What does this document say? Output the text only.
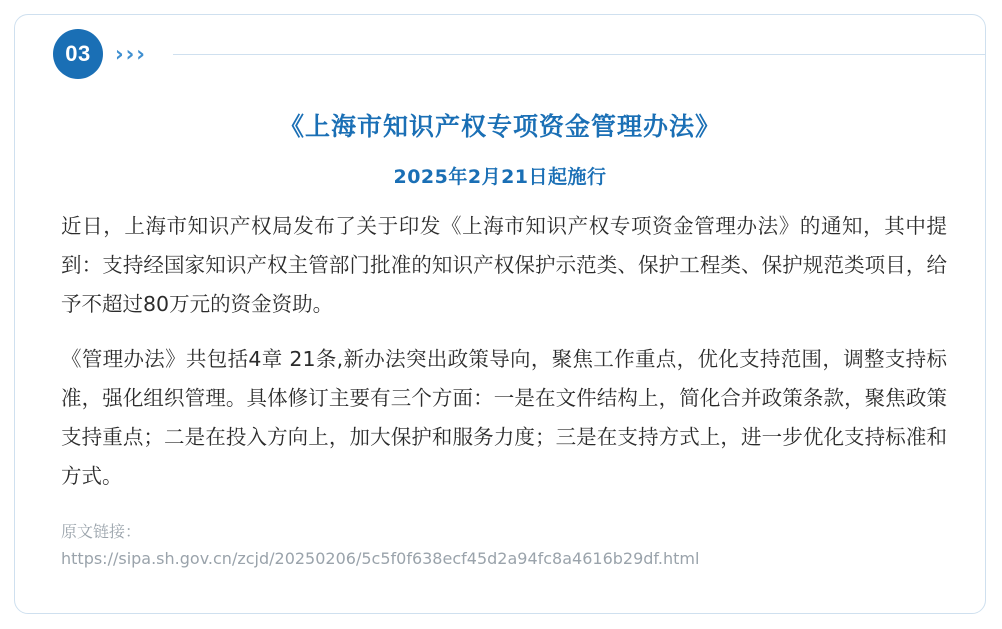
03	›››
《上海市知识产权专项资金管理办法》
2025年2月21日起施行

近日，上海市知识产权局发布了关于印发《上海市知识产权专项资金管理办法》的通知，其中提到：支持经国家知识产权主管部门批准的知识产权保护示范类、保护工程类、保护规范类项目，给予不超过80万元的资金资助。

《管理办法》共包括4章 21条,新办法突出政策导向，聚焦工作重点，优化支持范围，调整支持标准，强化组织管理。具体修订主要有三个方面：一是在文件结构上，简化合并政策条款，聚焦政策支持重点；二是在投入方向上，加大保护和服务力度；三是在支持方式上，进一步优化支持标准和方式。

原文链接：
https://sipa.sh.gov.cn/zcjd/20250206/5c5f0f638ecf45d2a94fc8a4616b29df.html
